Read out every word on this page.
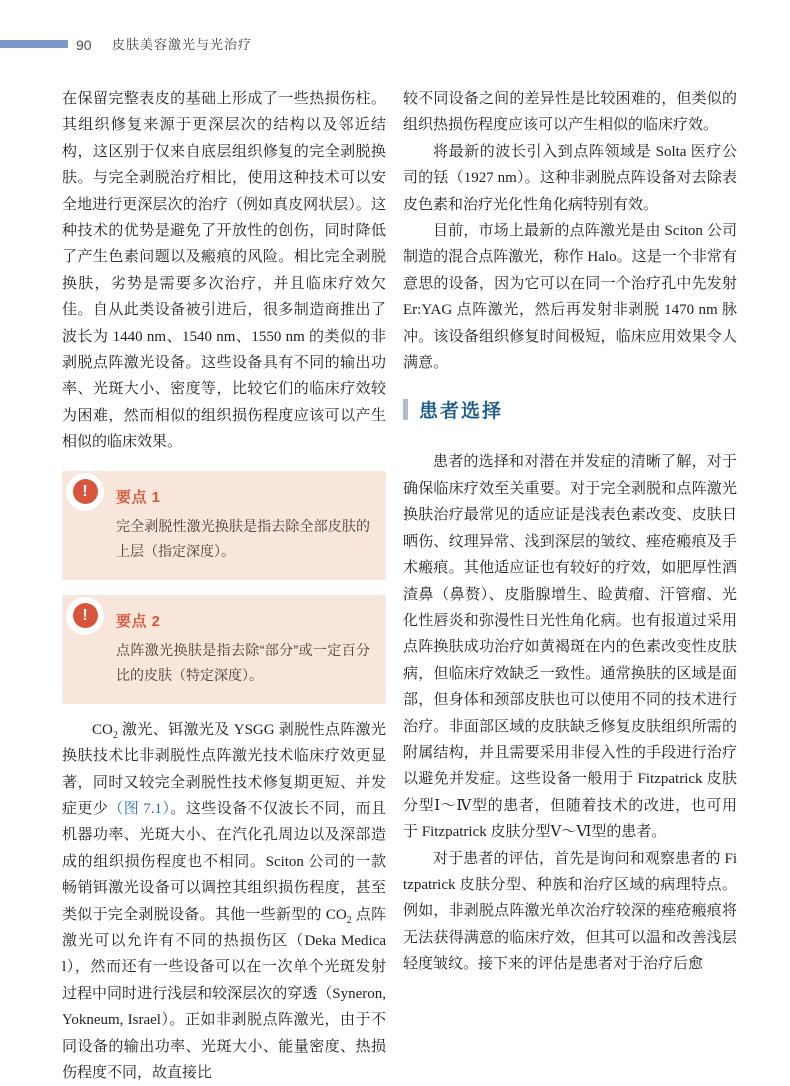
90 皮肤美容激光与光治疗

在保留完整表皮的基础上形成了一些热损伤柱。其组织修复来源于更深层次的结构以及邻近结构，这区别于仅来自底层组织修复的完全剥脱换肤。与完全剥脱治疗相比，使用这种技术可以安全地进行更深层次的治疗（例如真皮网状层）。这种技术的优势是避免了开放性的创伤，同时降低了产生色素问题以及瘢痕的风险。相比完全剥脱换肤，劣势是需要多次治疗，并且临床疗效欠佳。自从此类设备被引进后，很多制造商推出了波长为 1440 nm、1540 nm、1550 nm 的类似的非剥脱点阵激光设备。这些设备具有不同的输出功率、光斑大小、密度等，比较它们的临床疗效较为困难，然而相似的组织损伤程度应该可以产生相似的临床效果。

!	要点 1
完全剥脱性激光换肤是指去除全部皮肤的上层（指定深度）。
!	要点 2
点阵激光换肤是指去除“部分”或一定百分比的皮肤（特定深度）。

$CO_2$ 激光、铒激光及 YSGG 剥脱性点阵激光换肤技术比非剥脱性点阵激光技术临床疗效更显著，同时又较完全剥脱性技术修复期更短、并发症更少（图 7.1）。这些设备不仅波长不同，而且机器功率、光斑大小、在汽化孔周边以及深部造成的组织损伤程度也不相同。Sciton 公司的一款畅销铒激光设备可以调控其组织损伤程度，甚至类似于完全剥脱设备。其他一些新型的 $CO_2$ 点阵激光可以允许有不同的热损伤区（Deka Medical），然而还有一些设备可以在一次单个光斑发射过程中同时进行浅层和较深层次的穿透（Syneron, Yokneum, Israel）。正如非剥脱点阵激光，由于不同设备的输出功率、光斑大小、能量密度、热损伤程度不同，故直接比

较不同设备之间的差异性是比较困难的，但类似的组织热损伤程度应该可以产生相似的临床疗效。

将最新的波长引入到点阵领域是 Solta 医疗公司的铥（1927 nm）。这种非剥脱点阵设备对去除表皮色素和治疗光化性角化病特别有效。

目前，市场上最新的点阵激光是由 Sciton 公司制造的混合点阵激光，称作 Halo。这是一个非常有意思的设备，因为它可以在同一个治疗孔中先发射 Er:YAG 点阵激光，然后再发射非剥脱 1470 nm 脉冲。该设备组织修复时间极短，临床应用效果令人满意。

患者选择

患者的选择和对潜在并发症的清晰了解，对于确保临床疗效至关重要。对于完全剥脱和点阵激光换肤治疗最常见的适应证是浅表色素改变、皮肤日晒伤、纹理异常、浅到深层的皱纹、痤疮瘢痕及手术瘢痕。其他适应证也有较好的疗效，如肥厚性酒渣鼻（鼻赘）、皮脂腺增生、睑黄瘤、汗管瘤、光化性唇炎和弥漫性日光性角化病。也有报道过采用点阵换肤成功治疗如黄褐斑在内的色素改变性皮肤病，但临床疗效缺乏一致性。通常换肤的区域是面部，但身体和颈部皮肤也可以使用不同的技术进行治疗。非面部区域的皮肤缺乏修复皮肤组织所需的附属结构，并且需要采用非侵入性的手段进行治疗以避免并发症。这些设备一般用于 Fitzpatrick 皮肤分型Ⅰ～Ⅳ型的患者，但随着技术的改进，也可用于 Fitzpatrick 皮肤分型Ⅴ～Ⅵ型的患者。

对于患者的评估，首先是询问和观察患者的 Fitzpatrick 皮肤分型、种族和治疗区域的病理特点。例如，非剥脱点阵激光单次治疗较深的痤疮瘢痕将无法获得满意的临床疗效，但其可以温和改善浅层轻度皱纹。接下来的评估是患者对于治疗后愈
